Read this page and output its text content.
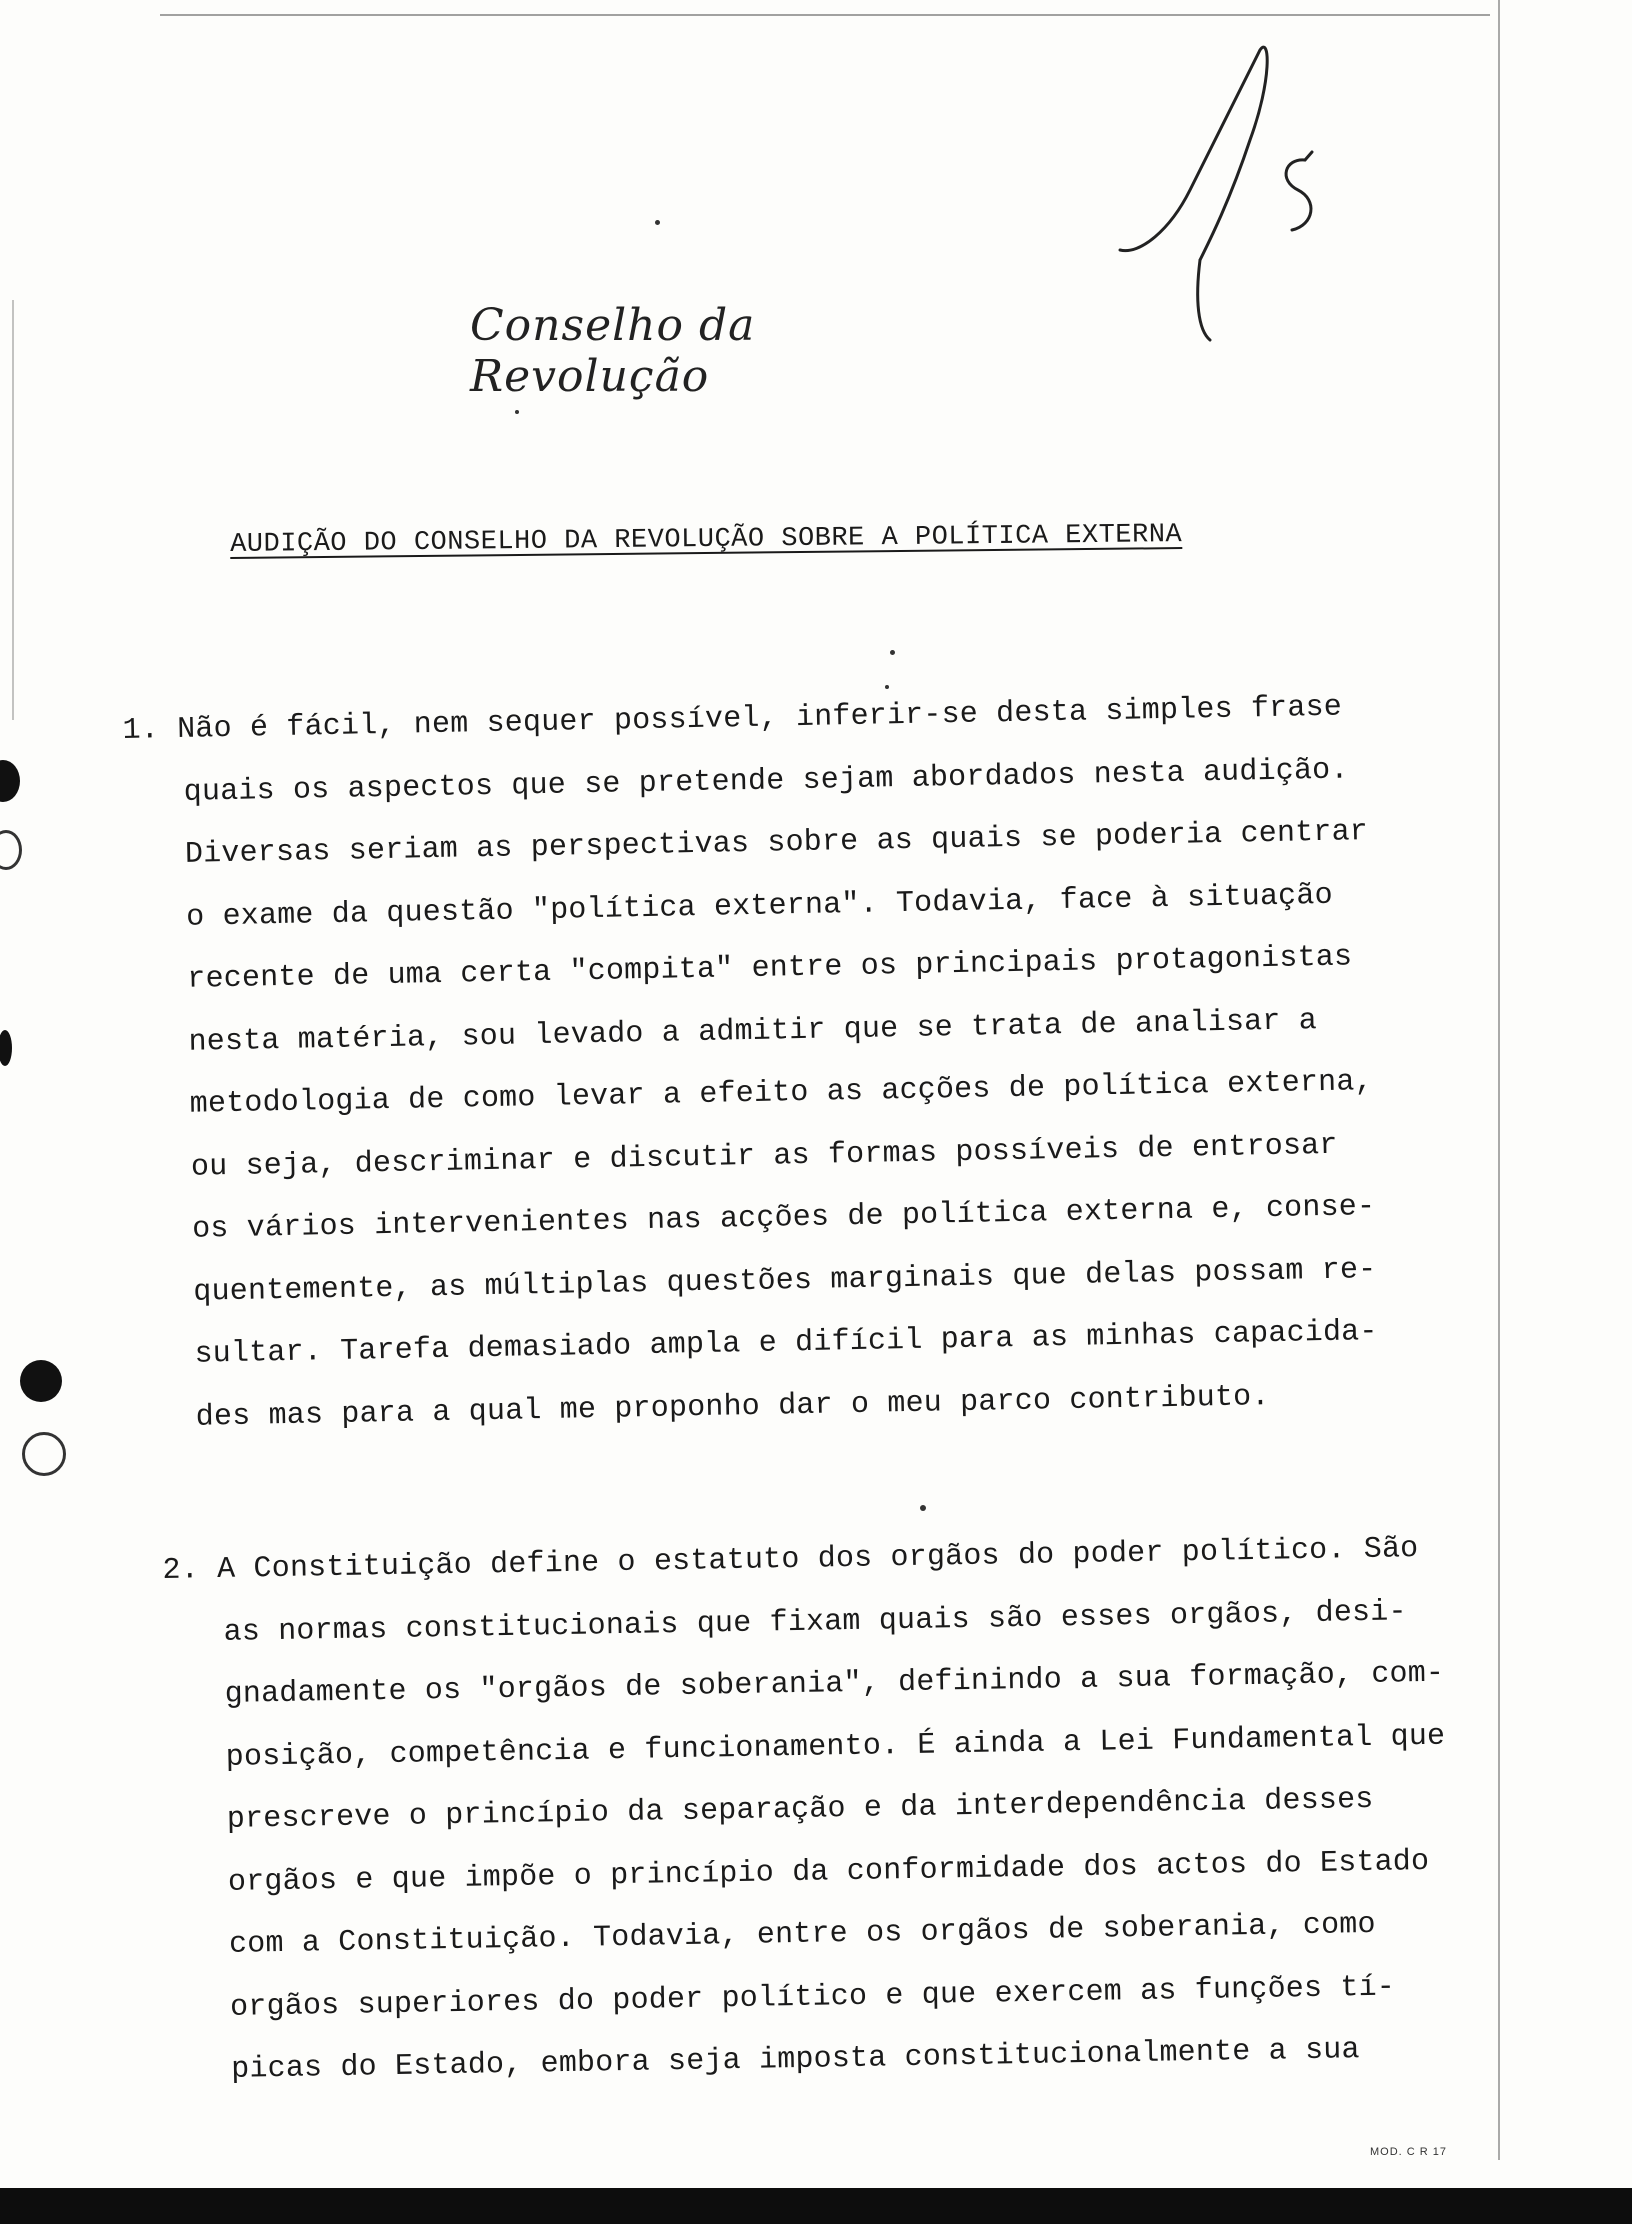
Conselho da Revolução
AUDIÇÃO DO CONSELHO DA REVOLUÇÃO SOBRE A POLÍTICA EXTERNA
1. Não é fácil, nem sequer possível, inferir-se desta simples frase
quais os aspectos que se pretende sejam abordados nesta audição.
Diversas seriam as perspectivas sobre as quais se poderia centrar
o exame da questão "política externa". Todavia, face à situação
recente de uma certa "compita" entre os principais protagonistas
nesta matéria, sou levado a admitir que se trata de analisar a
metodologia de como levar a efeito as acções de política externa,
ou seja, descriminar e discutir as formas possíveis de entrosar
os vários intervenientes nas acções de política externa e, conse-
quentemente, as múltiplas questões marginais que delas possam re-
sultar. Tarefa demasiado ampla e difícil para as minhas capacida-
des mas para a qual me proponho dar o meu parco contributo.
2. A Constituição define o estatuto dos orgãos do poder político. São
as normas constitucionais que fixam quais são esses orgãos, desi-
gnadamente os "orgãos de soberania", definindo a sua formação, com-
posição, competência e funcionamento. É ainda a Lei Fundamental que
prescreve o princípio da separação e da interdependência desses
orgãos e que impõe o princípio da conformidade dos actos do Estado
com a Constituição. Todavia, entre os orgãos de soberania, como
orgãos superiores do poder político e que exercem as funções tí-
picas do Estado, embora seja imposta constitucionalmente a sua
MOD. C R 17
